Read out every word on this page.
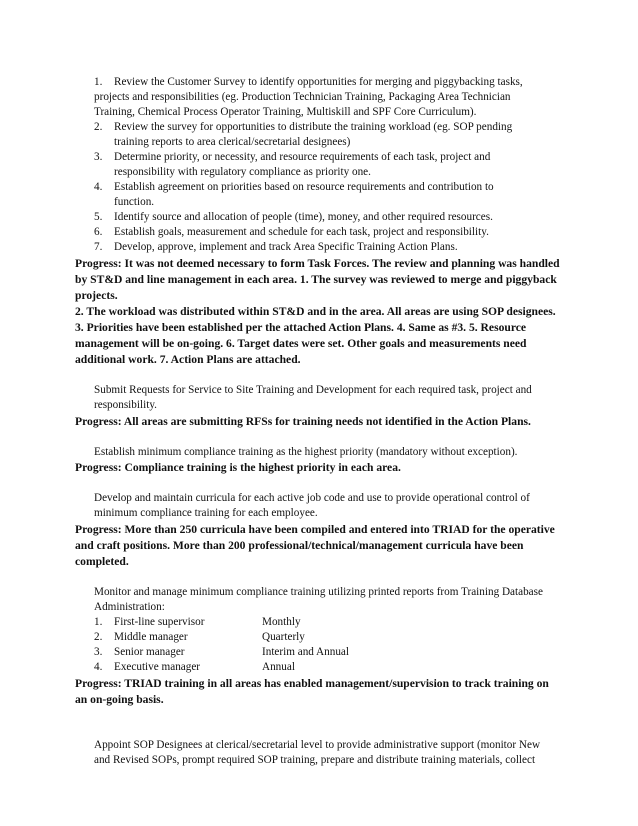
1. Review the Customer Survey to identify opportunities for merging and piggybacking tasks,
projects and responsibilities (eg. Production Technician Training, Packaging Area Technician
Training, Chemical Process Operator Training, Multiskill and SPF Core Curriculum).
2. Review the survey for opportunities to distribute the training workload (eg. SOP pending
training reports to area clerical/secretarial designees)
3. Determine priority, or necessity, and resource requirements of each task, project and
responsibility with regulatory compliance as priority one.
4. Establish agreement on priorities based on resource requirements and contribution to
function.
5. Identify source and allocation of people (time), money, and other required resources.
6. Establish goals, measurement and schedule for each task, project and responsibility.
7. Develop, approve, implement and track Area Specific Training Action Plans.
Progress: It was not deemed necessary to form Task Forces. The review and planning was handled
by ST&D and line management in each area. 1. The survey was reviewed to merge and piggyback
projects.
2. The workload was distributed within ST&D and in the area. All areas are using SOP designees.
3. Priorities have been established per the attached Action Plans. 4. Same as #3. 5. Resource
management will be on-going. 6. Target dates were set. Other goals and measurements need
additional work. 7. Action Plans are attached.
Submit Requests for Service to Site Training and Development for each required task, project and
responsibility.
Progress: All areas are submitting RFSs for training needs not identified in the Action Plans.
Establish minimum compliance training as the highest priority (mandatory without exception).
Progress: Compliance training is the highest priority in each area.
Develop and maintain curricula for each active job code and use to provide operational control of
minimum compliance training for each employee.
Progress: More than 250 curricula have been compiled and entered into TRIAD for the operative
and craft positions. More than 200 professional/technical/management curricula have been
completed.
Monitor and manage minimum compliance training utilizing printed reports from Training Database
Administration:
1. First-line supervisor	Monthly
2. Middle manager	Quarterly
3. Senior manager	Interim and Annual
4. Executive manager	Annual
Progress: TRIAD training in all areas has enabled management/supervision to track training on
an on-going basis.
Appoint SOP Designees at clerical/secretarial level to provide administrative support (monitor New
and Revised SOPs, prompt required SOP training, prepare and distribute training materials, collect
